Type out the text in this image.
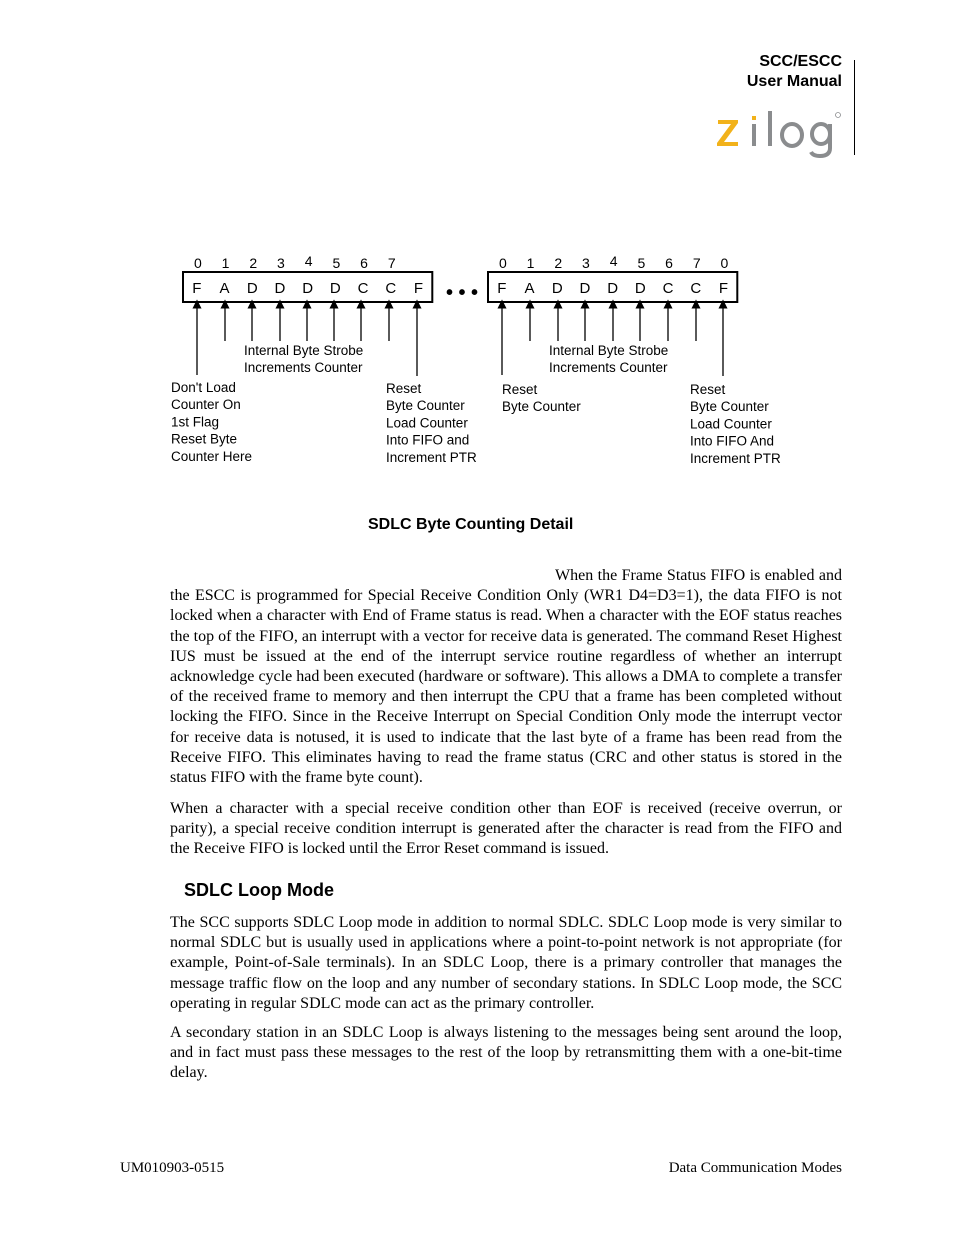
SCC/ESCC
User Manual
F A D D D D C C F
0 1 2 3 4 5 6 7
F A D D D D C C F
0 1 2 3 4 5 6 7 0
• • •
Internal Byte Strobe Increments Counter
Don't Load Counter On 1st Flag Reset Byte Counter Here
Reset Byte Counter Load Counter Into FIFO and Increment PTR
Reset Byte Counter
Internal Byte Strobe Increments Counter
Reset Byte Counter Load Counter Into FIFO And Increment PTR
SDLC Byte Counting Detail

When the Frame Status FIFO is enabled and the ESCC is programmed for Special Receive Condition Only (WR1 D4=D3=1), the data FIFO is not locked when a character with End of Frame status is read. When a character with the EOF status reaches the top of the FIFO, an interrupt with a vector for receive data is generated. The command Reset Highest IUS must be issued at the end of the interrupt service routine regardless of whether an interrupt acknowledge cycle had been executed (hardware or software). This allows a DMA to complete a transfer of the received frame to memory and then interrupt the CPU that a frame has been completed without locking the FIFO. Since in the Receive Interrupt on Special Condition Only mode the interrupt vector for receive data is notused, it is used to indicate that the last byte of a frame has been read from the Receive FIFO. This eliminates having to read the frame status (CRC and other status is stored in the status FIFO with the frame byte count).

When a character with a special receive condition other than EOF is received (receive overrun, or parity), a special receive condition interrupt is generated after the character is read from the FIFO and the Receive FIFO is locked until the Error Reset command is issued.

SDLC Loop Mode

The SCC supports SDLC Loop mode in addition to normal SDLC. SDLC Loop mode is very similar to normal SDLC but is usually used in applications where a point-to-point network is not appropriate (for example, Point-of-Sale terminals). In an SDLC Loop, there is a primary controller that manages the message traffic flow on the loop and any number of secondary stations. In SDLC Loop mode, the SCC operating in regular SDLC mode can act as the primary controller.

A secondary station in an SDLC Loop is always listening to the messages being sent around the loop, and in fact must pass these messages to the rest of the loop by retransmitting them with a one-bit-time delay.

UM010903-0515	Data Communication Modes
